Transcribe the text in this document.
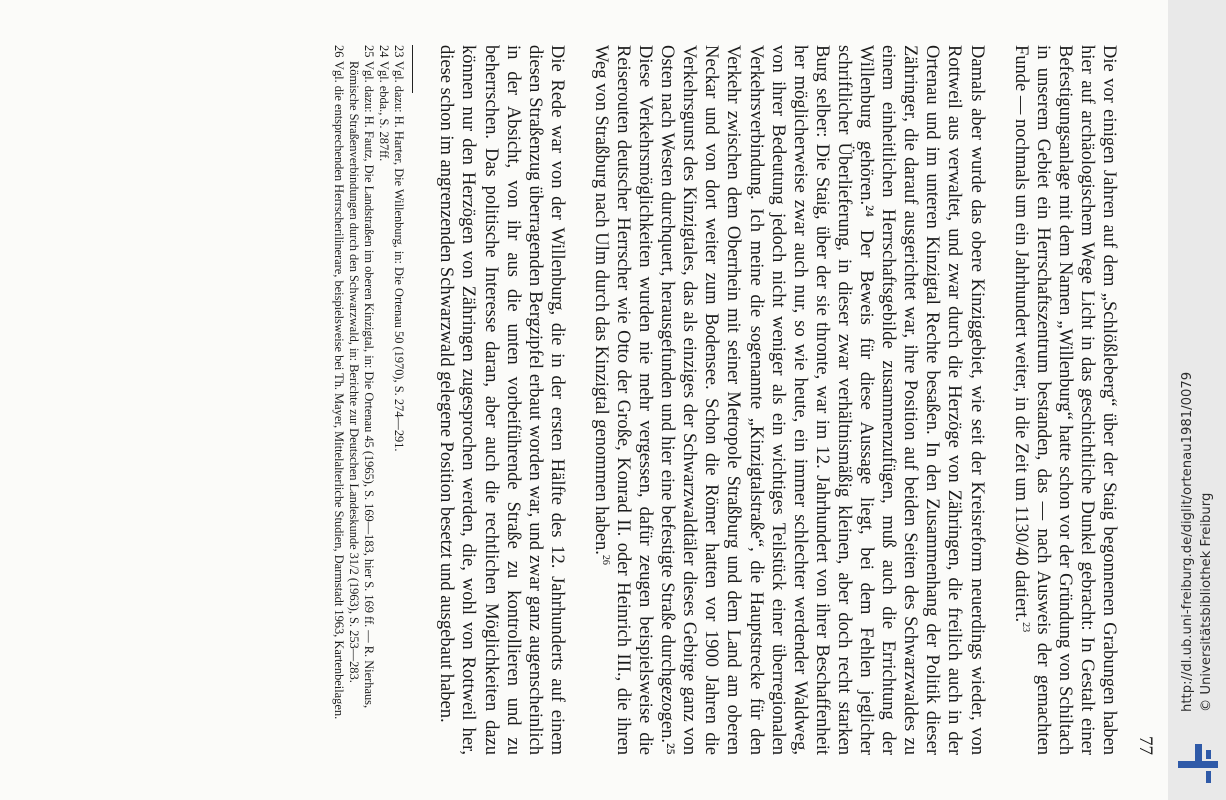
77

Die vor einigen Jahren auf dem „Schlößleberg“ über der Staig begonnenen Grabungen haben hier auf archäologischem Wege Licht in das geschichtliche Dunkel gebracht: In Gestalt einer Befestigungsanlage mit dem Namen „Willenburg“ hatte schon vor der Gründung von Schiltach in unserem Gebiet ein Herrschaftszentrum bestanden, das — nach Ausweis der gemachten Funde — nochmals um ein Jahrhundert weiter, in die Zeit um 1130/40 datiert.$^{23}$

Damals aber wurde das obere Kinziggebiet, wie seit der Kreisreform neuerdings wieder, von Rottweil aus verwaltet, und zwar durch die Herzöge von Zähringen, die freilich auch in der Ortenau und im unteren Kinzigtal Rechte besaßen. In den Zusammenhang der Politik dieser Zähringer, die darauf ausgerichtet war, ihre Position auf beiden Seiten des Schwarzwaldes zu einem einheitlichen Herrschaftsgebilde zusammenzufügen, muß auch die Errichtung der Willenburg gehören.²⁴ Der Beweis für diese Aussage liegt, bei dem Fehlen jeglicher schriftlicher Überlieferung, in dieser zwar verhältnismäßig kleinen, aber doch recht starken Burg selber: Die Staig, über der sie thronte, war im 12. Jahrhundert von ihrer Beschaffenheit her möglicherweise zwar auch nur, so wie heute, ein immer schlechter werdender Waldweg, von ihrer Bedeutung jedoch nicht weniger als ein wichtiges Teilstück einer überregionalen Verkehrsverbindung. Ich meine die sogenannte „Kinzigtalstraße“, die Hauptstrecke für den Verkehr zwischen dem Oberrhein mit seiner Metropole Straßburg und dem Land am oberen Neckar und von dort weiter zum Bodensee. Schon die Römer hatten vor 1900 Jahren die Verkehrsgunst des Kinzigtales, das als einziges der Schwarzwaldtäler dieses Gebirge ganz von Osten nach Westen durchquert, herausgefunden und hier eine befestigte Straße durchgezogen.²⁵ Diese Verkehrsmöglichkeiten wurden nie mehr vergessen, dafür zeugen beispielsweise die Reiserouten deutscher Herrscher wie Otto der Große, Konrad II. oder Heinrich III., die ihren Weg von Straßburg nach Ulm durch das Kinzigtal genommen haben.$^{26}$

Die Rede war von der Willenburg, die in der ersten Hälfte des 12. Jahrhunderts auf einem diesen Straßenzug überragenden Bergzipfel erbaut worden war, und zwar ganz augenscheinlich in der Absicht, von ihr aus die unten vorbeiführende Straße zu kontrollieren und zu beherrschen. Das politische Interesse daran, aber auch die rechtlichen Möglichkeiten dazu können nur den Herzögen von Zähringen zugesprochen werden, die, wohl von Rottweil her, diese schon im angrenzenden Schwarzwald gelegene Position besetzt und ausgebaut haben.

23
Vgl. dazu: H. Harter, Die Willenburg, in: Die Ortenau 50 (1970), S. 274—291.
24
Vgl. ebda., S. 287ff.
25
Vgl. dazu: H. Fautz, Die Landstraßen im oberen Kinzigtal, in: Die Ortenau 45 (1965), S. 169—183, hier S. 169 ff. — R. Nierhaus, Römische Straßenverbindungen durch den Schwarzwald, in: Berichte zur Deutschen Landeskunde 31/2 (1963), S. 253—283.
26
Vgl. die entsprechenden Herrscherilinerare, beispielsweise bei Th. Mayer, Mittelalterliche Studien, Darmstadt 1963, Kartenbeilagen.	http://dl.ub.uni-freiburg.de/diglit/ortenau1981/0079 © Universitätsbibliothek Freiburg
